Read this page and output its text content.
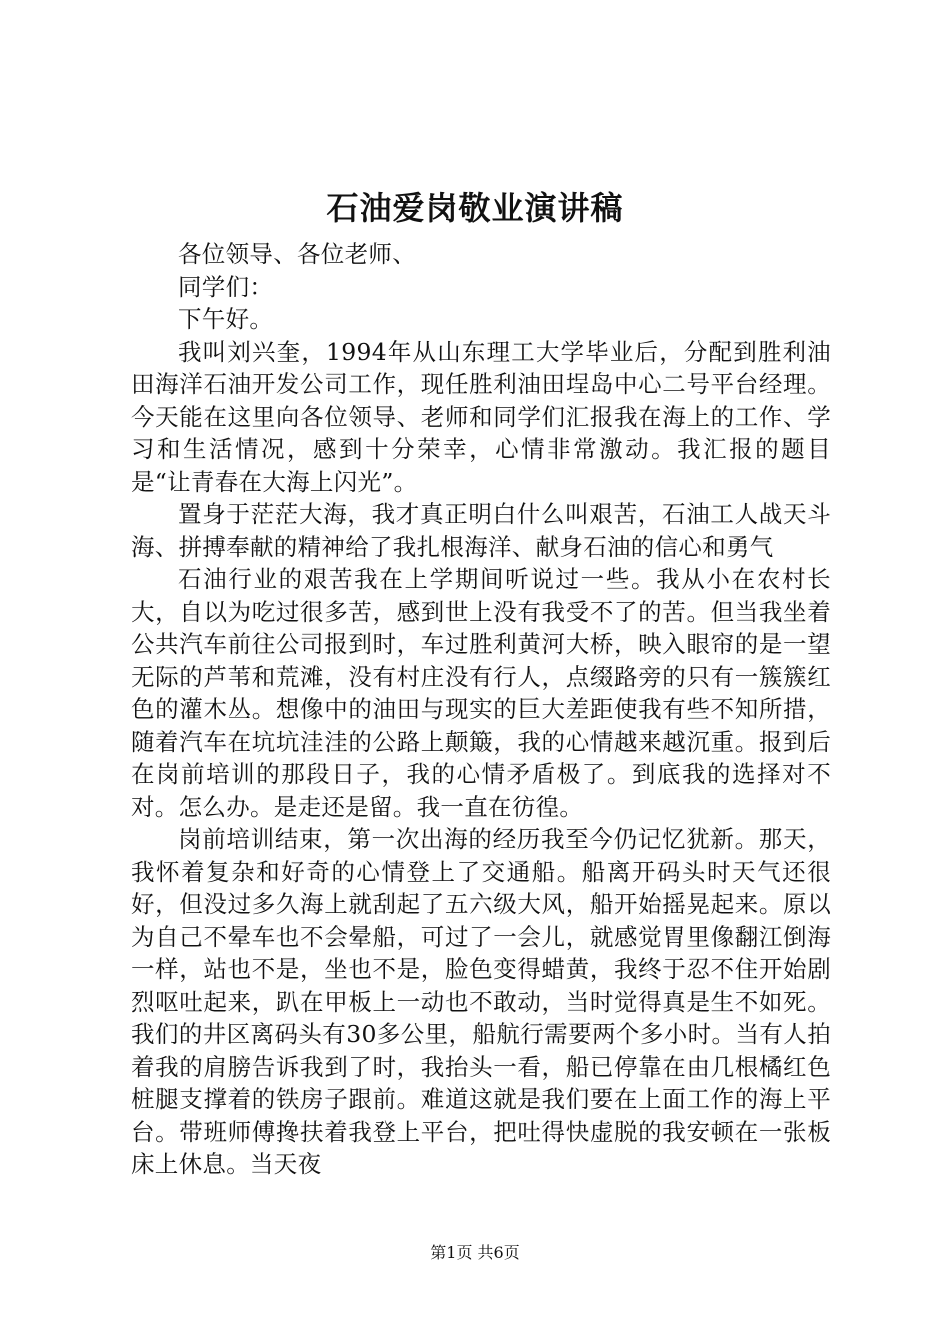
石油爱岗敬业演讲稿

各位领导、各位老师、

同学们：

下午好。

我叫刘兴奎，1994年从山东理工大学毕业后，分配到胜利油田海洋石油开发公司工作，现任胜利油田埕岛中心二号平台经理。今天能在这里向各位领导、老师和同学们汇报我在海上的工作、学习和生活情况，感到十分荣幸，心情非常激动。我汇报的题目是“让青春在大海上闪光”。

置身于茫茫大海，我才真正明白什么叫艰苦，石油工人战天斗海、拼搏奉献的精神给了我扎根海洋、献身石油的信心和勇气

石油行业的艰苦我在上学期间听说过一些。我从小在农村长大，自以为吃过很多苦，感到世上没有我受不了的苦。但当我坐着公共汽车前往公司报到时，车过胜利黄河大桥，映入眼帘的是一望无际的芦苇和荒滩，没有村庄没有行人，点缀路旁的只有一簇簇红色的灌木丛。想像中的油田与现实的巨大差距使我有些不知所措，随着汽车在坑坑洼洼的公路上颠簸，我的心情越来越沉重。报到后在岗前培训的那段日子，我的心情矛盾极了。到底我的选择对不对。怎么办。是走还是留。我一直在彷徨。

岗前培训结束，第一次出海的经历我至今仍记忆犹新。那天，我怀着复杂和好奇的心情登上了交通船。船离开码头时天气还很好，但没过多久海上就刮起了五六级大风，船开始摇晃起来。原以为自己不晕车也不会晕船，可过了一会儿，就感觉胃里像翻江倒海一样，站也不是，坐也不是，脸色变得蜡黄，我终于忍不住开始剧烈呕吐起来，趴在甲板上一动也不敢动，当时觉得真是生不如死。我们的井区离码头有30多公里，船航行需要两个多小时。当有人拍着我的肩膀告诉我到了时，我抬头一看，船已停靠在由几根橘红色桩腿支撑着的铁房子跟前。难道这就是我们要在上面工作的海上平台。带班师傅搀扶着我登上平台，把吐得快虚脱的我安顿在一张板床上休息。当天夜

第1页 共6页
